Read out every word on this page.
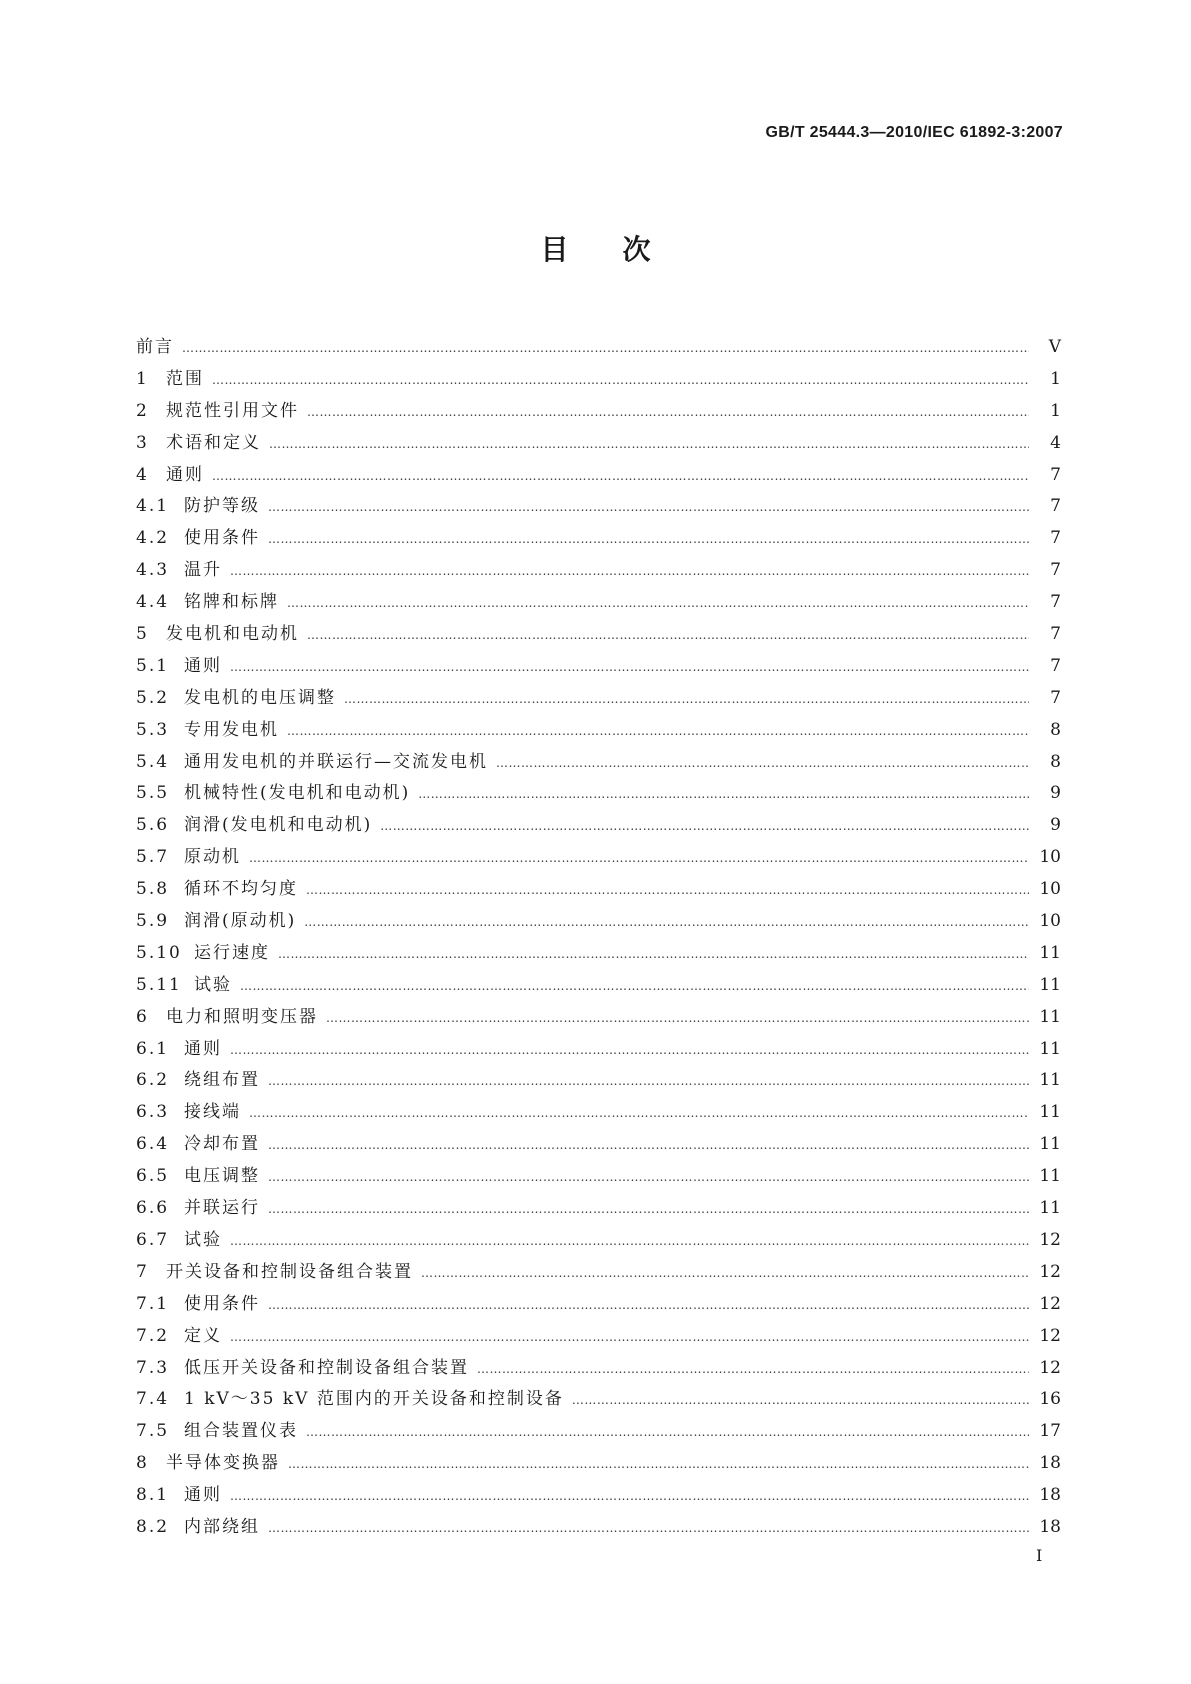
GB/T 25444.3—2010/IEC 61892-3:2007
目次
前言 …………………………………………………………………………………………………………………………………………………………………………………………………………………………………………………………………………………………	V
1	范围 …………………………………………………………………………………………………………………………………………………………………………………………………………………………………………………………………………………………	1
2	规范性引用文件 …………………………………………………………………………………………………………………………………………………………………………………………………………………………………………………………………………………………	1
3	术语和定义 …………………………………………………………………………………………………………………………………………………………………………………………………………………………………………………………………………………………	4
4	通则 …………………………………………………………………………………………………………………………………………………………………………………………………………………………………………………………………………………………	7
4.1 防护等级 …………………………………………………………………………………………………………………………………………………………………………………………………………………………………………………………………………………………	7
4.2 使用条件 …………………………………………………………………………………………………………………………………………………………………………………………………………………………………………………………………………………………	7
4.3 温升 …………………………………………………………………………………………………………………………………………………………………………………………………………………………………………………………………………………………	7
4.4 铭牌和标牌 …………………………………………………………………………………………………………………………………………………………………………………………………………………………………………………………………………………………	7
5	发电机和电动机 …………………………………………………………………………………………………………………………………………………………………………………………………………………………………………………………………………………………	7
5.1 通则 …………………………………………………………………………………………………………………………………………………………………………………………………………………………………………………………………………………………	7
5.2 发电机的电压调整 …………………………………………………………………………………………………………………………………………………………………………………………………………………………………………………………………………………………	7
5.3 专用发电机 …………………………………………………………………………………………………………………………………………………………………………………………………………………………………………………………………………………………	8
5.4 通用发电机的并联运行—交流发电机 …………………………………………………………………………………………………………………………………………………………………………………………………………………………………………………………………………………………	8
5.5 机械特性(发电机和电动机) …………………………………………………………………………………………………………………………………………………………………………………………………………………………………………………………………………………………	9
5.6 润滑(发电机和电动机) …………………………………………………………………………………………………………………………………………………………………………………………………………………………………………………………………………………………	9
5.7 原动机 …………………………………………………………………………………………………………………………………………………………………………………………………………………………………………………………………………………………	10
5.8 循环不均匀度 …………………………………………………………………………………………………………………………………………………………………………………………………………………………………………………………………………………………	10
5.9 润滑(原动机) …………………………………………………………………………………………………………………………………………………………………………………………………………………………………………………………………………………………	10
5.10 运行速度 …………………………………………………………………………………………………………………………………………………………………………………………………………………………………………………………………………………………	11
5.11 试验 …………………………………………………………………………………………………………………………………………………………………………………………………………………………………………………………………………………………	11
6	电力和照明变压器 …………………………………………………………………………………………………………………………………………………………………………………………………………………………………………………………………………………………	11
6.1 通则 …………………………………………………………………………………………………………………………………………………………………………………………………………………………………………………………………………………………	11
6.2 绕组布置 …………………………………………………………………………………………………………………………………………………………………………………………………………………………………………………………………………………………	11
6.3 接线端 …………………………………………………………………………………………………………………………………………………………………………………………………………………………………………………………………………………………	11
6.4 冷却布置 …………………………………………………………………………………………………………………………………………………………………………………………………………………………………………………………………………………………	11
6.5 电压调整 …………………………………………………………………………………………………………………………………………………………………………………………………………………………………………………………………………………………	11
6.6 并联运行 …………………………………………………………………………………………………………………………………………………………………………………………………………………………………………………………………………………………	11
6.7 试验 …………………………………………………………………………………………………………………………………………………………………………………………………………………………………………………………………………………………	12
7	开关设备和控制设备组合装置 …………………………………………………………………………………………………………………………………………………………………………………………………………………………………………………………………………………………	12
7.1 使用条件 …………………………………………………………………………………………………………………………………………………………………………………………………………………………………………………………………………………………	12
7.2 定义 …………………………………………………………………………………………………………………………………………………………………………………………………………………………………………………………………………………………	12
7.3 低压开关设备和控制设备组合装置 …………………………………………………………………………………………………………………………………………………………………………………………………………………………………………………………………………………………	12
7.4 1 kV～35 kV 范围内的开关设备和控制设备 …………………………………………………………………………………………………………………………………………………………………………………………………………………………………………………………………………………………	16
7.5 组合装置仪表 …………………………………………………………………………………………………………………………………………………………………………………………………………………………………………………………………………………………	17
8	半导体变换器 …………………………………………………………………………………………………………………………………………………………………………………………………………………………………………………………………………………………	18
8.1 通则 …………………………………………………………………………………………………………………………………………………………………………………………………………………………………………………………………………………………	18
8.2 内部绕组 …………………………………………………………………………………………………………………………………………………………………………………………………………………………………………………………………………………………	18
I
